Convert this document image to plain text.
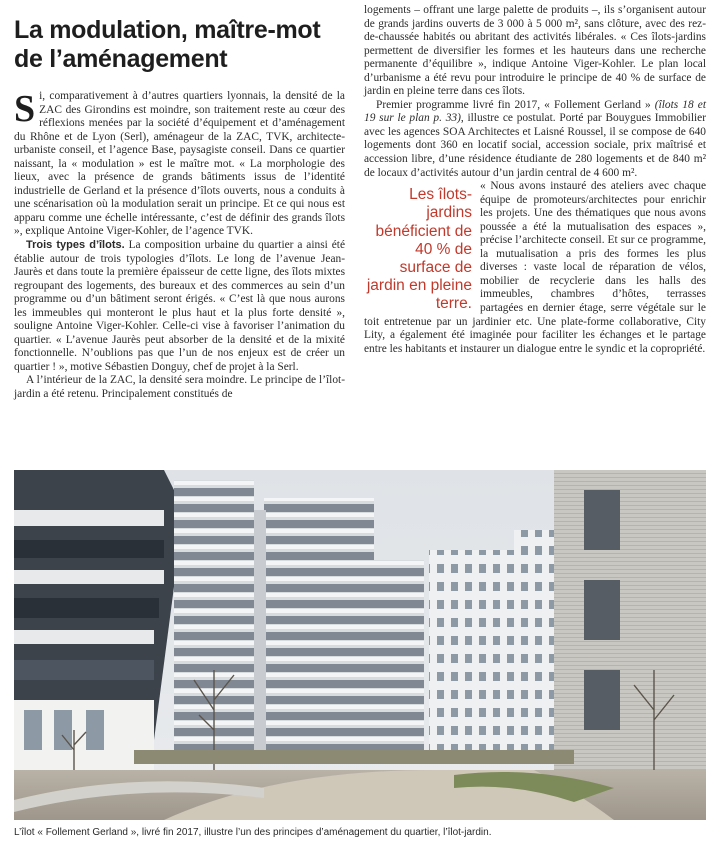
La modulation, maître-mot de l’aménagement

Si, comparativement à d’autres quartiers lyonnais, la densité de la ZAC des Girondins est moindre, son traitement reste au cœur des réflexions menées par la société d’équipement et d’aménagement du Rhône et de Lyon (Serl), aménageur de la ZAC, TVK, architecte-urbaniste conseil, et l’agence Base, paysagiste conseil. Dans ce quartier naissant, la « modulation » est le maître mot. « La morphologie des lieux, avec la présence de grands bâtiments issus de l’identité industrielle de Gerland et la présence d’îlots ouverts, nous a conduits à une scénarisation où la modulation serait un principe. Et ce qui nous est apparu comme une échelle intéressante, c’est de définir des grands îlots », explique Antoine Viger-Kohler, de l’agence TVK.

Trois types d’îlots. La composition urbaine du quartier a ainsi été établie autour de trois typologies d’îlots. Le long de l’avenue Jean-Jaurès et dans toute la première épaisseur de cette ligne, des îlots mixtes regroupant des logements, des bureaux et des commerces au sein d’un programme ou d’un bâtiment seront érigés. « C’est là que nous aurons les immeubles qui monteront le plus haut et la plus forte densité », souligne Antoine Viger-Kohler. Celle-ci vise à favoriser l’animation du quartier. « L’avenue Jaurès peut absorber de la densité et de la mixité fonctionnelle. N’oublions pas que l’un de nos enjeux est de créer un quartier ! », motive Sébastien Donguy, chef de projet à la Serl.

A l’intérieur de la ZAC, la densité sera moindre. Le principe de l’îlot-jardin a été retenu. Principalement constitués de

logements – offrant une large palette de produits –, ils s’organisent autour de grands jardins ouverts de 3 000 à 5 000 m², sans clôture, avec des rez-de-chaussée habités ou abritant des activités libérales. « Ces îlots-jardins permettent de diversifier les formes et les hauteurs dans une recherche permanente d’équilibre », indique Antoine Viger-Kohler. Le plan local d’urbanisme a été revu pour introduire le principe de 40 % de surface de jardin en pleine terre dans ces îlots.

Premier programme livré fin 2017, « Follement Gerland » (îlots 18 et 19 sur le plan p. 33), illustre ce postulat. Porté par Bouygues Immobilier avec les agences SOA Architectes et Laisné Roussel, il se compose de 640 logements dont 360 en locatif social, accession sociale, prix maîtrisé et accession libre, d’une résidence étudiante de 280 logements et de 840 m² de locaux d’activités autour d’un jardin central de 4 600 m².

Les îlots-jardins bénéficient de 40 % de surface de jardin en pleine terre.
« Nous avons instauré des ateliers avec chaque équipe de promoteurs/architectes pour enrichir les projets. Une des thématiques que nous avons poussée a été la mutualisation des espaces », précise l’architecte conseil. Et sur ce programme, la mutualisation a pris des formes les plus diverses : vaste local de réparation de vélos, mobilier de recyclerie dans les halls des immeubles, chambres d’hôtes, terrasses partagées en dernier étage, serre végétale sur le toit entretenue par un jardinier etc. Une plate-forme collaborative, City Lity, a également été imaginée pour faciliter les échanges et le partage entre les habitants et instaurer un dialogue entre le syndic et la copropriété.

L’îlot « Follement Gerland », livré fin 2017, illustre l’un des principes d’aménagement du quartier, l’îlot-jardin.
